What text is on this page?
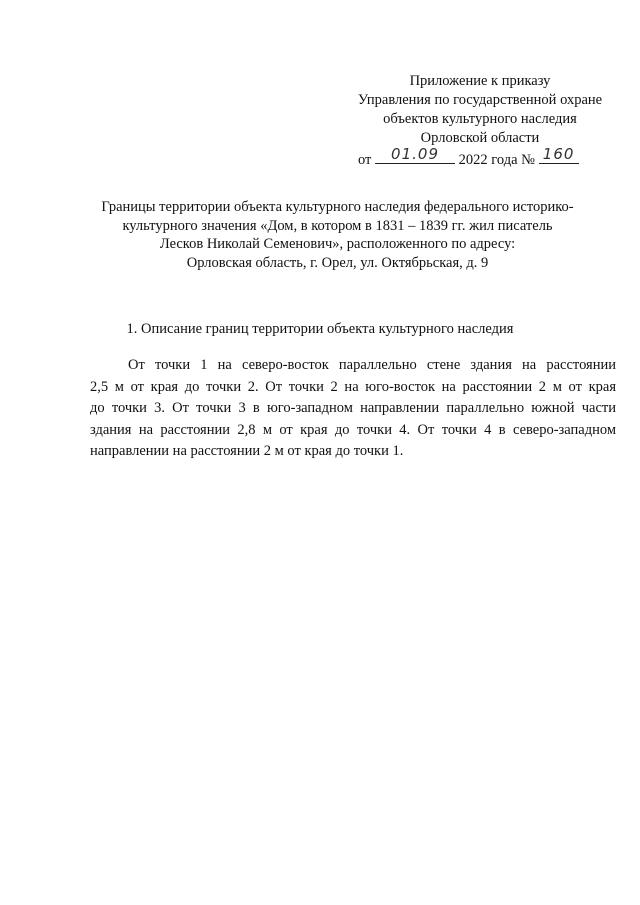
Приложение к приказу
Управления по государственной охране
объектов культурного наследия
Орловской области
от	01.09	2022 года № 160
Границы территории объекта культурного наследия федерального историко-
культурного значения «Дом, в котором в 1831 – 1839 гг. жил писатель
Лесков Николай Семенович», расположенного по адресу:
Орловская область, г. Орел, ул. Октябрьская, д. 9
1. Описание границ территории объекта культурного наследия
От точки 1 на северо-восток параллельно стене здания на расстоянии
2,5 м от края до точки 2. От точки 2 на юго-восток на расстоянии 2 м от края
до точки 3. От точки 3 в юго-западном направлении параллельно южной части
здания на расстоянии 2,8 м от края до точки 4. От точки 4 в северо-западном
направлении на расстоянии 2 м от края до точки 1.
